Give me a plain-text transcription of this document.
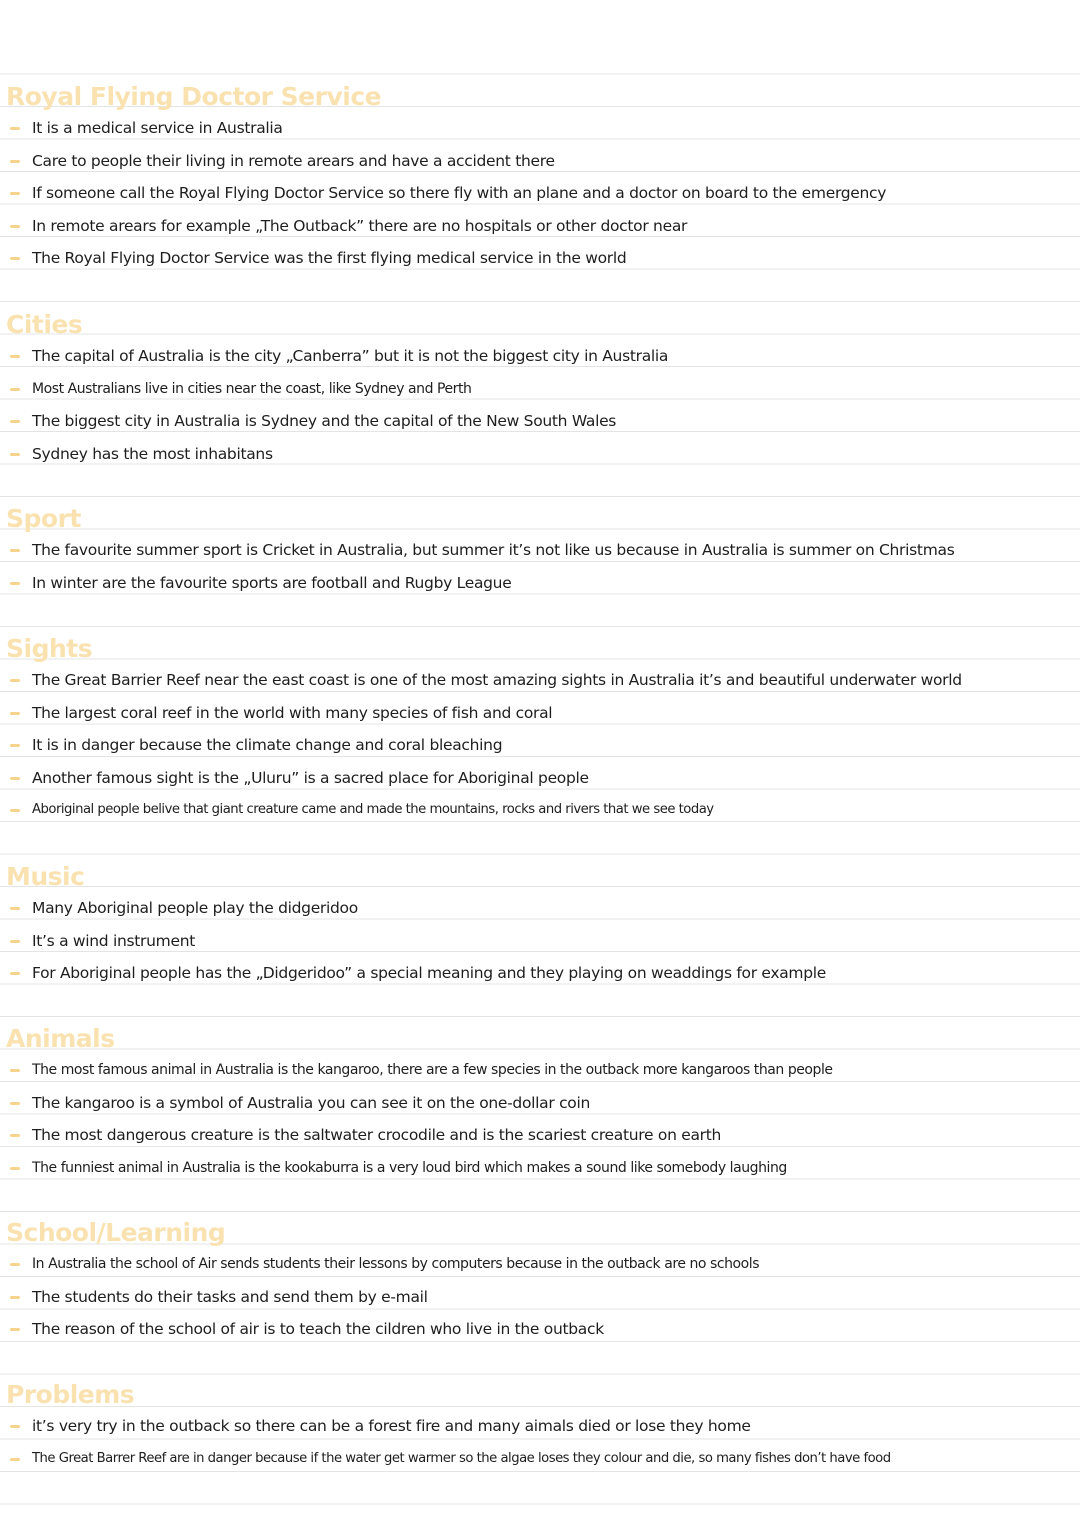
Royal Flying Doctor Service
It is a medical service in Australia
Care to people their living in remote arears and have a accident there
If someone call the Royal Flying Doctor Service so there fly with an plane and a doctor on board to the emergency
In remote arears for example „The Outback” there are no hospitals or other doctor near
The Royal Flying Doctor Service was the first flying medical service in the world
Cities
The capital of Australia is the city „Canberra” but it is not the biggest city in Australia
Most Australians live in cities near the coast, like Sydney and Perth
The biggest city in Australia is Sydney and the capital of the New South Wales
Sydney has the most inhabitans
Sport
The favourite summer sport is Cricket in Australia, but summer it’s not like us because in Australia is summer on Christmas
In winter are the favourite sports are football and Rugby League
Sights
The Great Barrier Reef near the east coast is one of the most amazing sights in Australia it’s and beautiful underwater world
The largest coral reef in the world with many species of fish and coral
It is in danger because the climate change and coral bleaching
Another famous sight is the „Uluru” is a sacred place for Aboriginal people
Aboriginal people belive that giant creature came and made the mountains, rocks and rivers that we see today
Music
Many Aboriginal people play the didgeridoo
It’s a wind instrument
For Aboriginal people has the „Didgeridoo” a special meaning and they playing on weaddings for example
Animals
The most famous animal in Australia is the kangaroo, there are a few species in the outback more kangaroos than people
The kangaroo is a symbol of Australia you can see it on the one-dollar coin
The most dangerous creature is the saltwater crocodile and is the scariest creature on earth
The funniest animal in Australia is the kookaburra is a very loud bird which makes a sound like somebody laughing
School/Learning
In Australia the school of Air sends students their lessons by computers because in the outback are no schools
The students do their tasks and send them by e-mail
The reason of the school of air is to teach the cildren who live in the outback
Problems
it’s very try in the outback so there can be a forest fire and many aimals died or lose they home
The Great Barrer Reef are in danger because if the water get warmer so the algae loses they colour and die, so many fishes don’t have food
